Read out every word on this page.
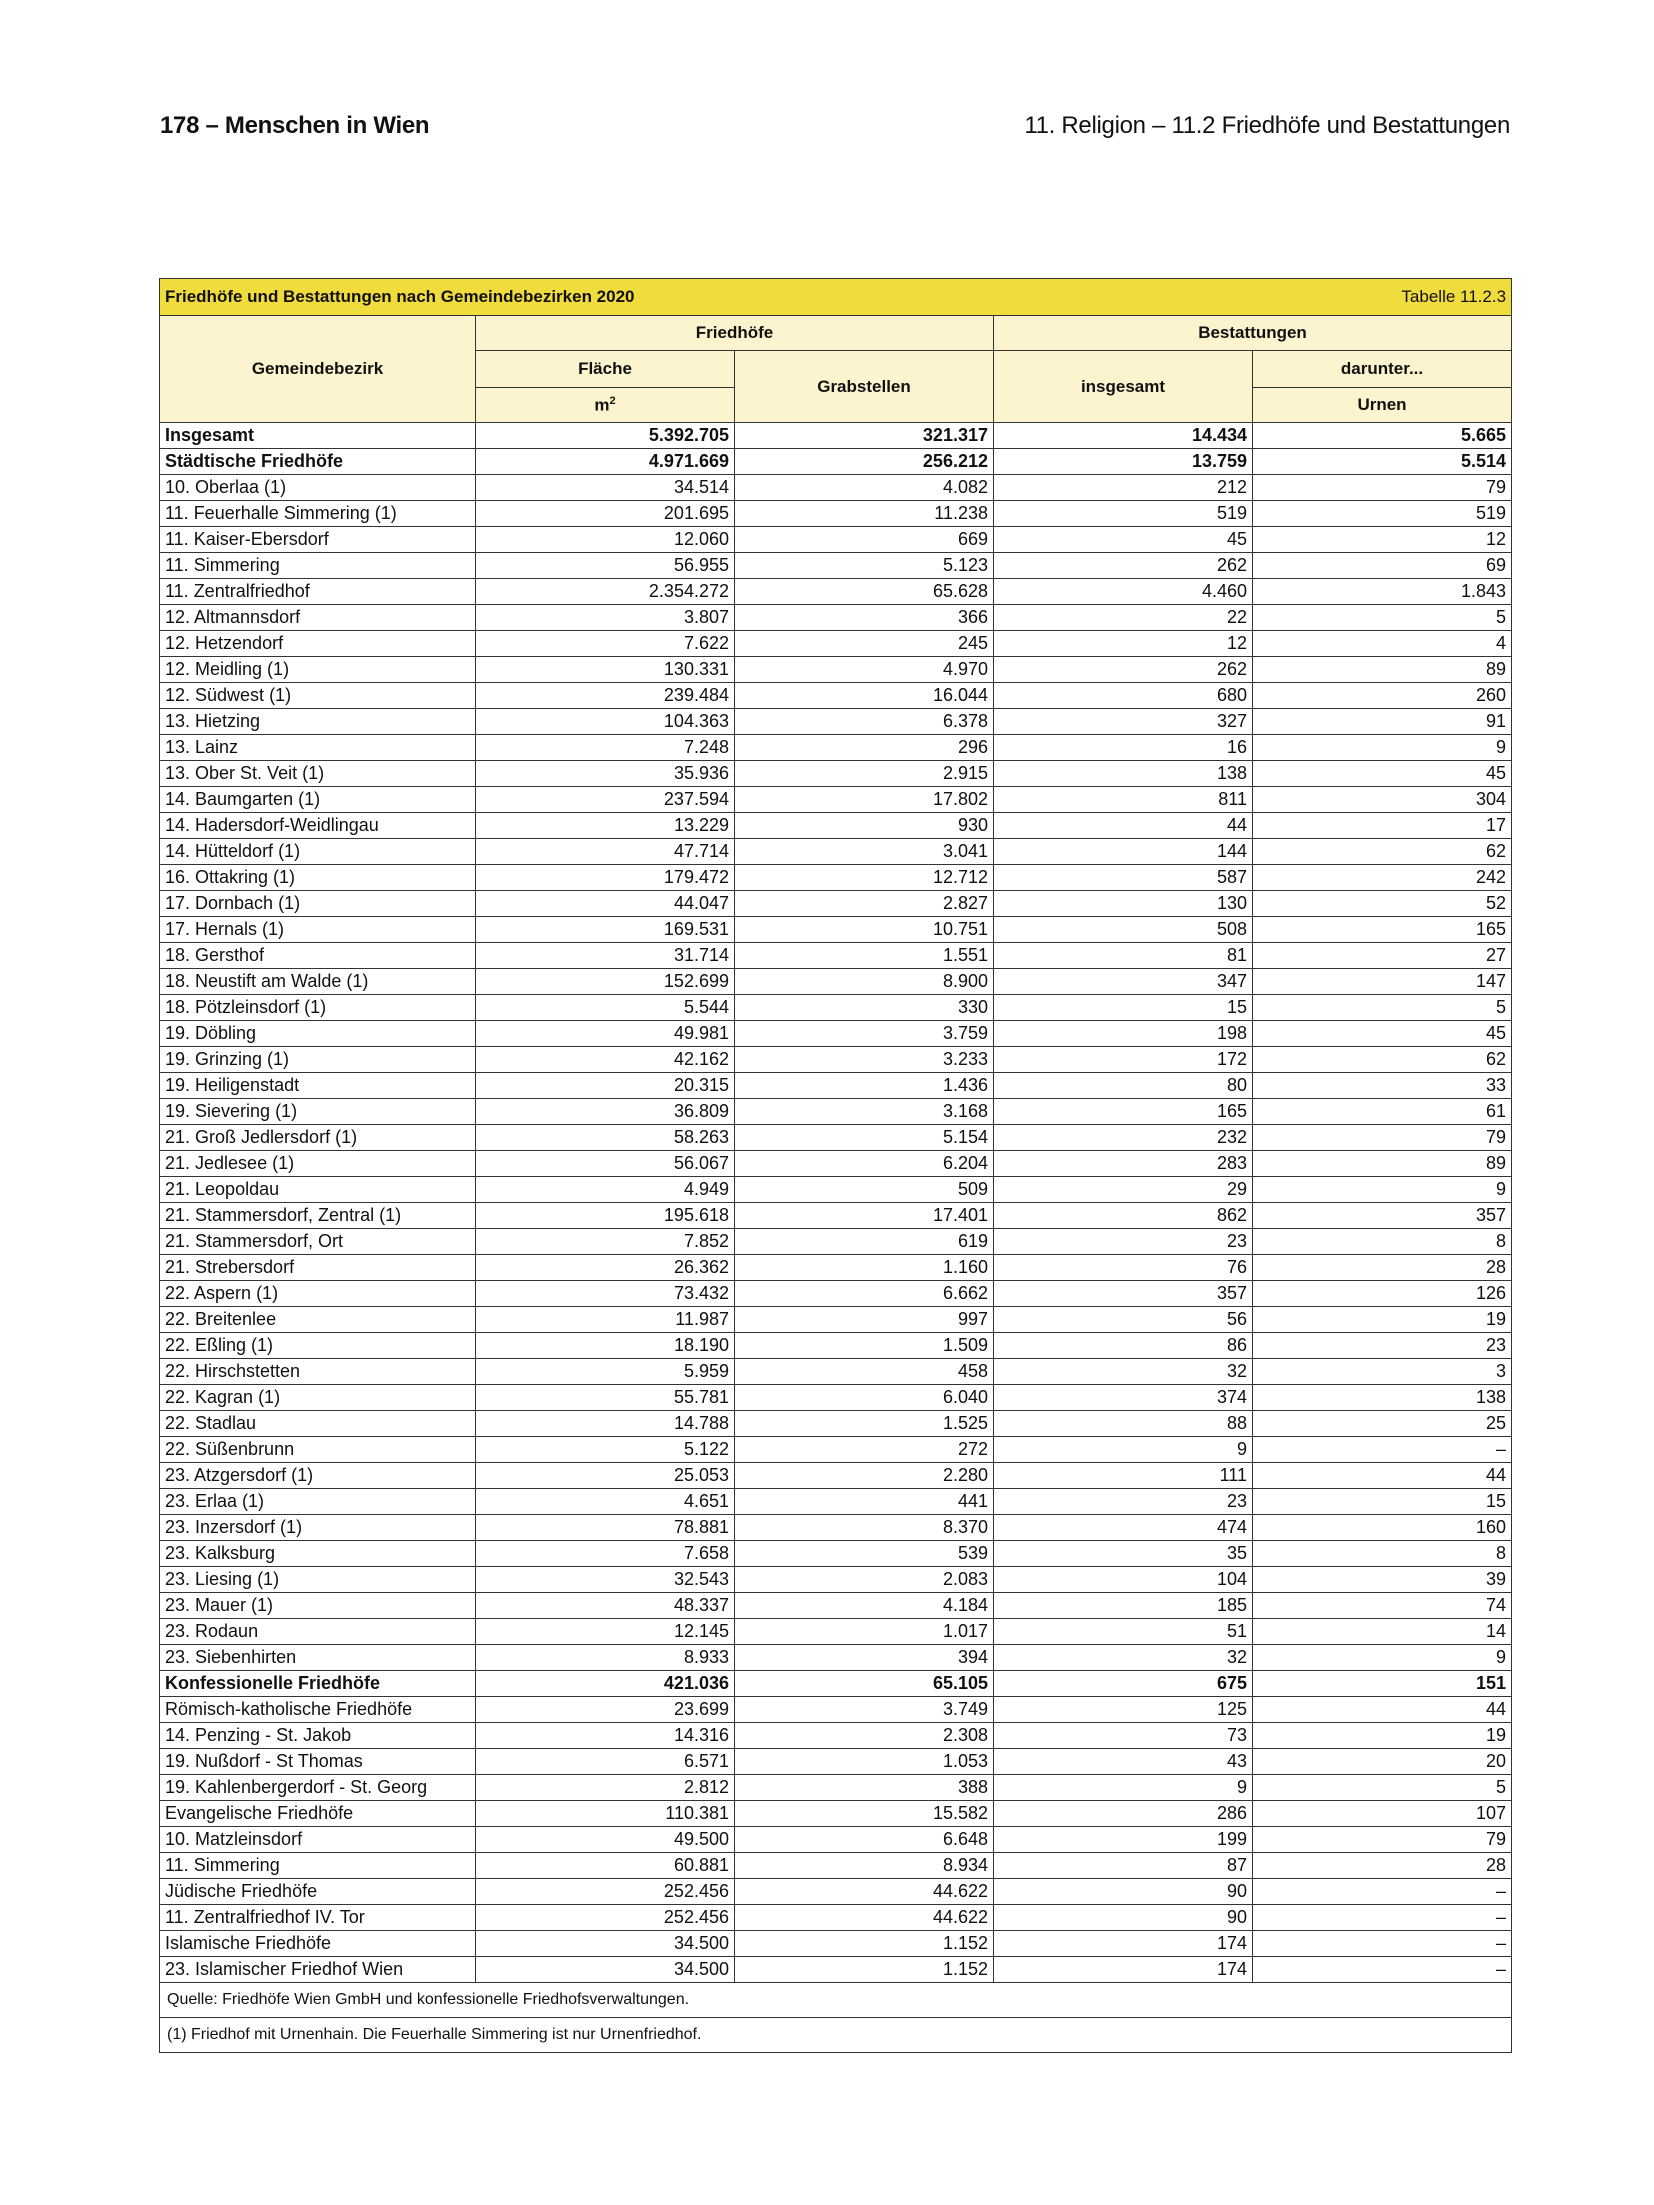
178 – Menschen in Wien	11. Religion – 11.2 Friedhöfe und Bestattungen
Friedhöfe und Bestattungen nach Gemeindebezirken 2020 Tabelle 11.2.3				

Gemeindebezirk	Friedhöfe		Bestattungen	
	Fläche	Grabstellen	insgesamt	darunter...
	$m^2$			Urnen
Insgesamt	5.392.705	321.317	14.434	5.665
Städtische Friedhöfe	4.971.669	256.212	13.759	5.514
10. Oberlaa (1)	34.514	4.082	212	79
11. Feuerhalle Simmering (1)	201.695	11.238	519	519
11. Kaiser-Ebersdorf	12.060	669	45	12
11. Simmering	56.955	5.123	262	69
11. Zentralfriedhof	2.354.272	65.628	4.460	1.843
12. Altmannsdorf	3.807	366	22	5
12. Hetzendorf	7.622	245	12	4
12. Meidling (1)	130.331	4.970	262	89
12. Südwest (1)	239.484	16.044	680	260
13. Hietzing	104.363	6.378	327	91
13. Lainz	7.248	296	16	9
13. Ober St. Veit (1)	35.936	2.915	138	45
14. Baumgarten (1)	237.594	17.802	811	304
14. Hadersdorf-Weidlingau	13.229	930	44	17
14. Hütteldorf (1)	47.714	3.041	144	62
16. Ottakring (1)	179.472	12.712	587	242
17. Dornbach (1)	44.047	2.827	130	52
17. Hernals (1)	169.531	10.751	508	165
18. Gersthof	31.714	1.551	81	27
18. Neustift am Walde (1)	152.699	8.900	347	147
18. Pötzleinsdorf (1)	5.544	330	15	5
19. Döbling	49.981	3.759	198	45
19. Grinzing (1)	42.162	3.233	172	62
19. Heiligenstadt	20.315	1.436	80	33
19. Sievering (1)	36.809	3.168	165	61
21. Groß Jedlersdorf (1)	58.263	5.154	232	79
21. Jedlesee (1)	56.067	6.204	283	89
21. Leopoldau	4.949	509	29	9
21. Stammersdorf, Zentral (1)	195.618	17.401	862	357
21. Stammersdorf, Ort	7.852	619	23	8
21. Strebersdorf	26.362	1.160	76	28
22. Aspern (1)	73.432	6.662	357	126
22. Breitenlee	11.987	997	56	19
22. Eßling (1)	18.190	1.509	86	23
22. Hirschstetten	5.959	458	32	3
22. Kagran (1)	55.781	6.040	374	138
22. Stadlau	14.788	1.525	88	25
22. Süßenbrunn	5.122	272	9	–
23. Atzgersdorf (1)	25.053	2.280	111	44
23. Erlaa (1)	4.651	441	23	15
23. Inzersdorf (1)	78.881	8.370	474	160
23. Kalksburg	7.658	539	35	8
23. Liesing (1)	32.543	2.083	104	39
23. Mauer (1)	48.337	4.184	185	74
23. Rodaun	12.145	1.017	51	14
23. Siebenhirten	8.933	394	32	9
Konfessionelle Friedhöfe	421.036	65.105	675	151
Römisch-katholische Friedhöfe	23.699	3.749	125	44
14. Penzing - St. Jakob	14.316	2.308	73	19
19. Nußdorf - St Thomas	6.571	1.053	43	20
19. Kahlenbergerdorf - St. Georg	2.812	388	9	5
Evangelische Friedhöfe	110.381	15.582	286	107
10. Matzleinsdorf	49.500	6.648	199	79
11. Simmering	60.881	8.934	87	28
Jüdische Friedhöfe	252.456	44.622	90	–
11. Zentralfriedhof IV. Tor	252.456	44.622	90	–
Islamische Friedhöfe	34.500	1.152	174	–
23. Islamischer Friedhof Wien	34.500	1.152	174	–
Quelle: Friedhöfe Wien GmbH und konfessionelle Friedhofsverwaltungen.				
(1) Friedhof mit Urnenhain. Die Feuerhalle Simmering ist nur Urnenfriedhof.				
